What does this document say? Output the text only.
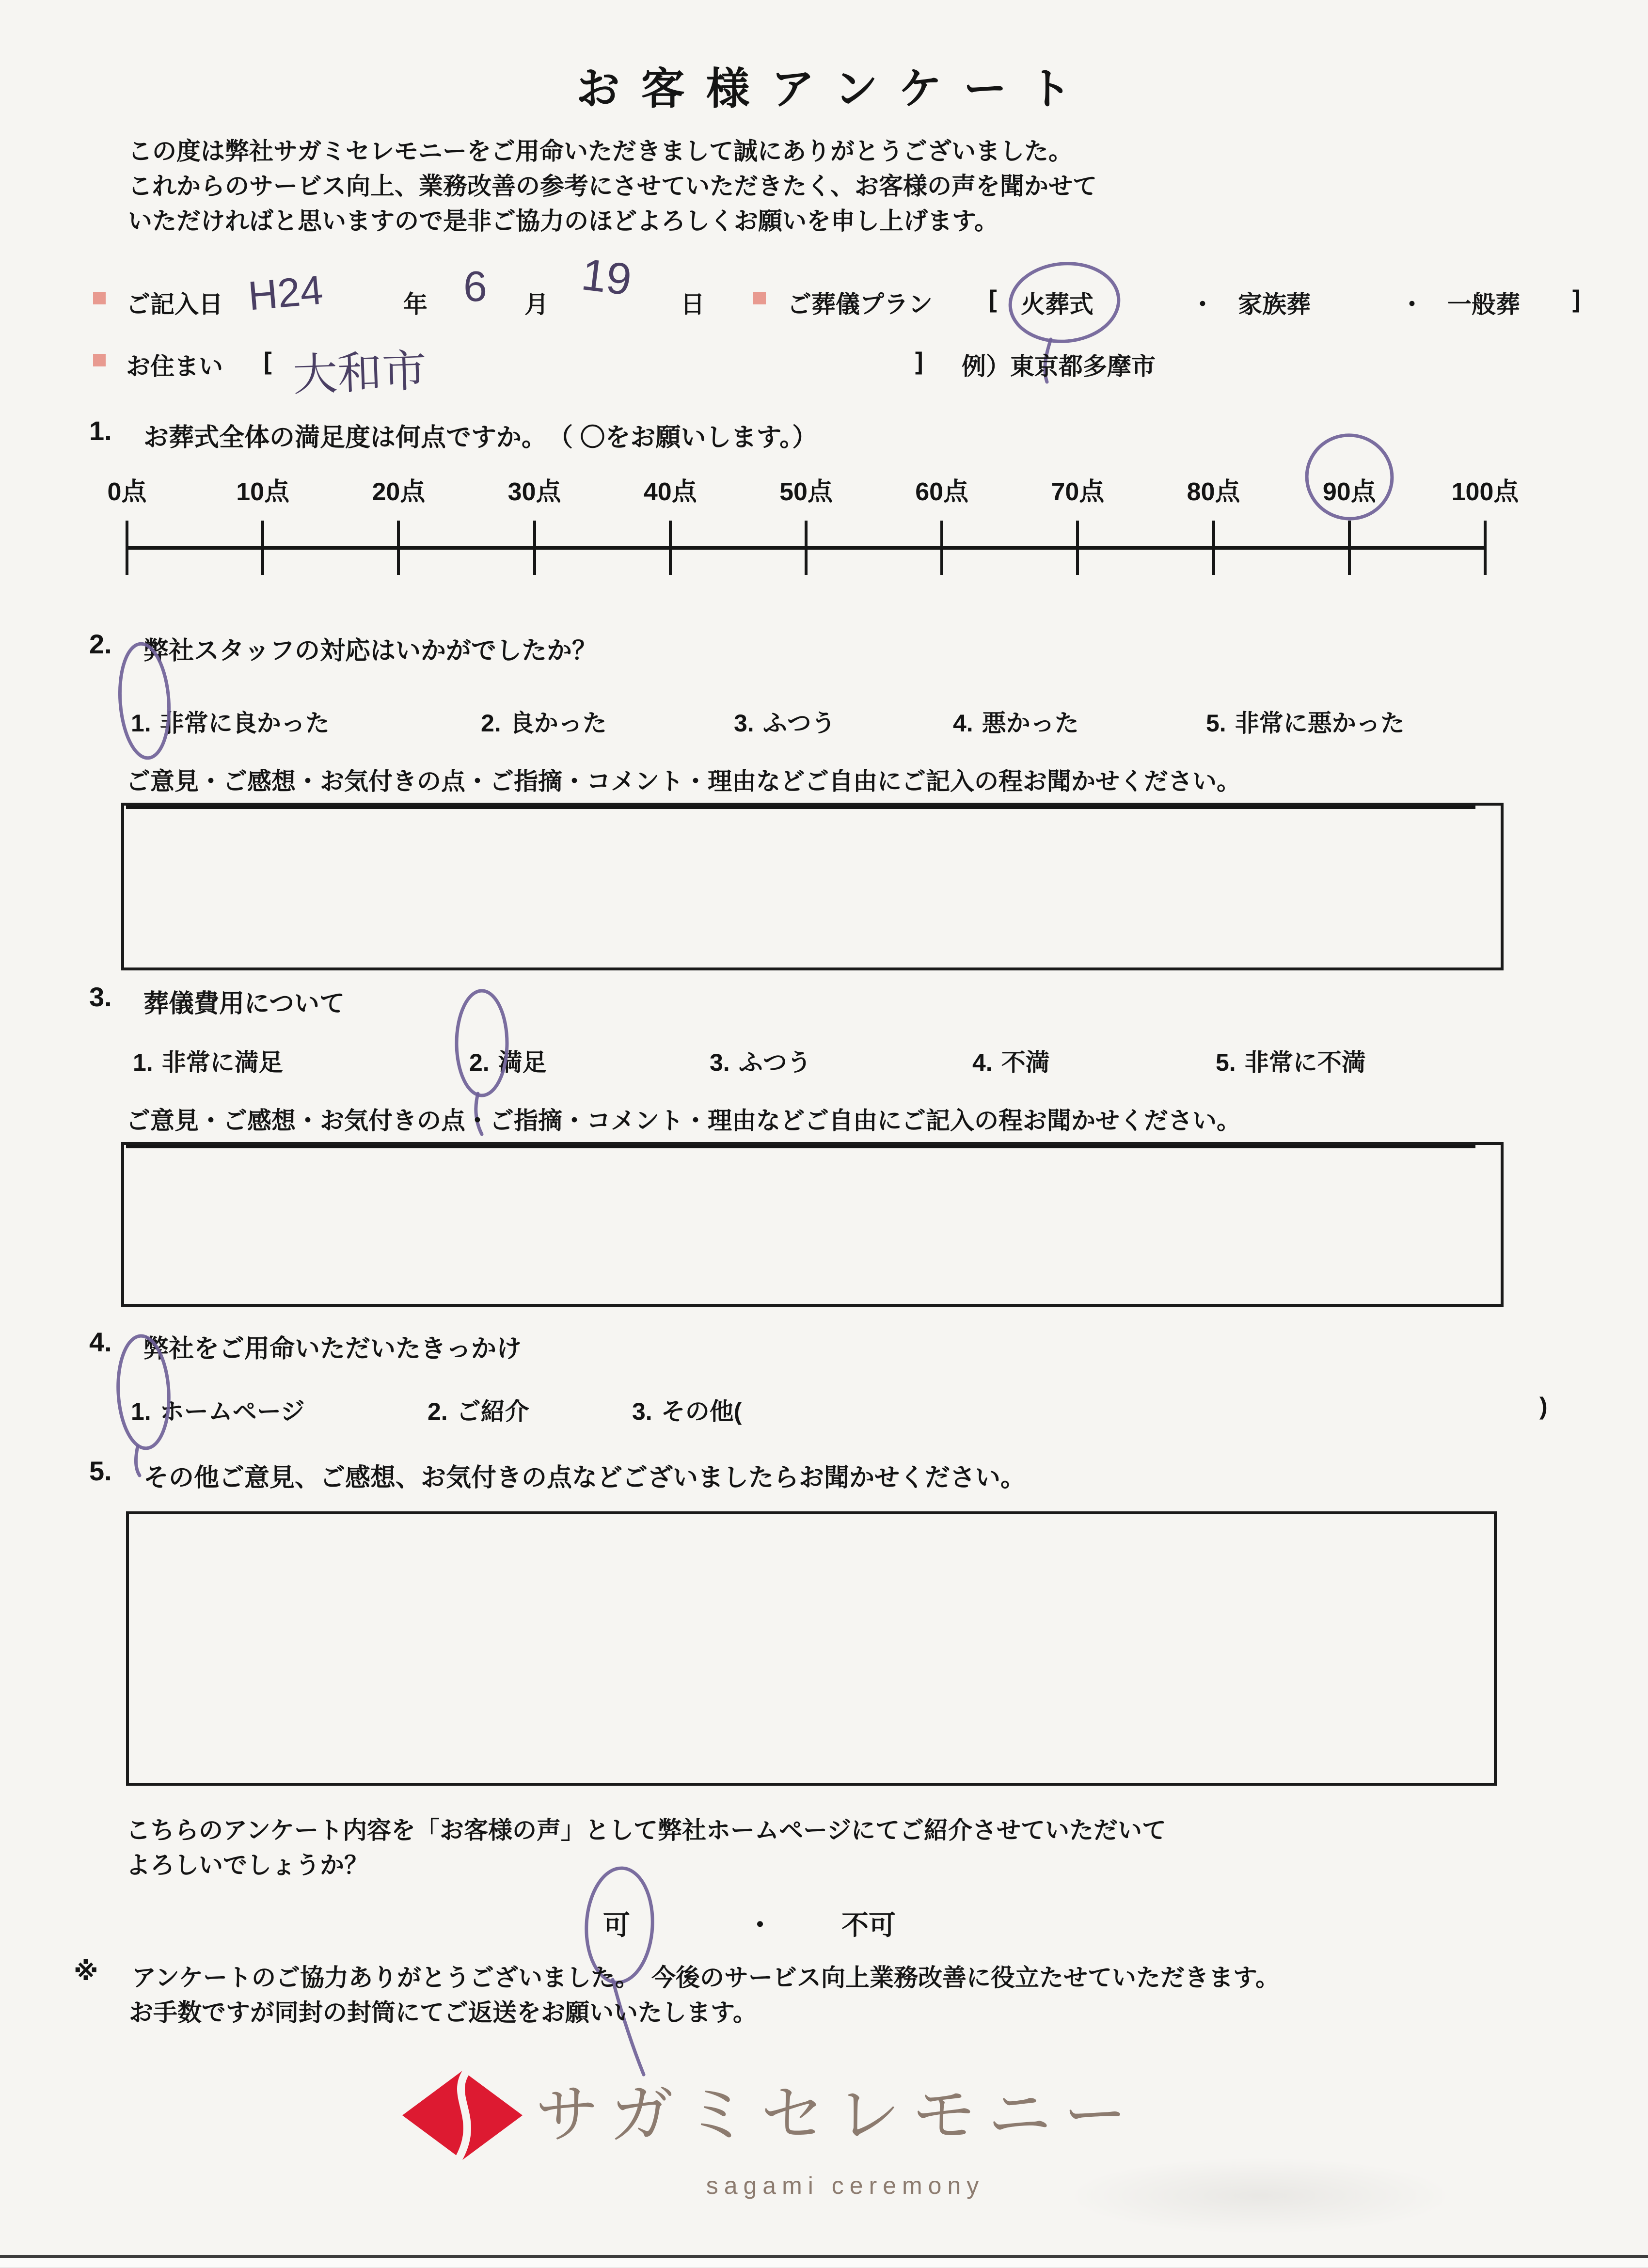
お客様アンケート
この度は弊社サガミセレモニーをご用命いただきまして誠にありがとうございました。
これからのサービス向上、業務改善の参考にさせていただきたく、お客様の声を聞かせて
いただければと思いますので是非ご協力のほどよろしくお願いを申し上げます。
ご記入日 H24	年 6	月 19	日	ご葬儀プラン	[ 火葬式	・ 家族葬	・ 一般葬	]
お住まい	[ 大和市	]	例）東京都多摩市
1.	お葬式全体の満足度は何点ですか。 （ 〇をお願いします。）
0点	10点	20点	30点	40点	50点	60点	70点	80点	90点	100点
2.	弊社スタッフの対応はいかがでしたか？
1. 非常に良かった	2. 良かった	3. ふつう	4. 悪かった	5. 非常に悪かった
ご意見・ご感想・お気付きの点・ご指摘・コメント・理由などご自由にご記入の程お聞かせください。
3.	葬儀費用について
1. 非常に満足	2. 満足	3. ふつう	4. 不満	5. 非常に不満
ご意見・ご感想・お気付きの点・ご指摘・コメント・理由などご自由にご記入の程お聞かせください。
4.	弊社をご用命いただいたきっかけ
1. ホームページ	2. ご紹介	3. その他(	)
5.	その他ご意見、ご感想、お気付きの点などございましたらお聞かせください。
こちらのアンケート内容を「お客様の声」として弊社ホームページにてご紹介させていただいて
よろしいでしょうか？
可	・	不可
※	アンケートのご協力ありがとうございました。　今後のサービス向上業務改善に役立たせていただきます。
お手数ですが同封の封筒にてご返送をお願いいたします。
サガミセレモニー
sagami ceremony
